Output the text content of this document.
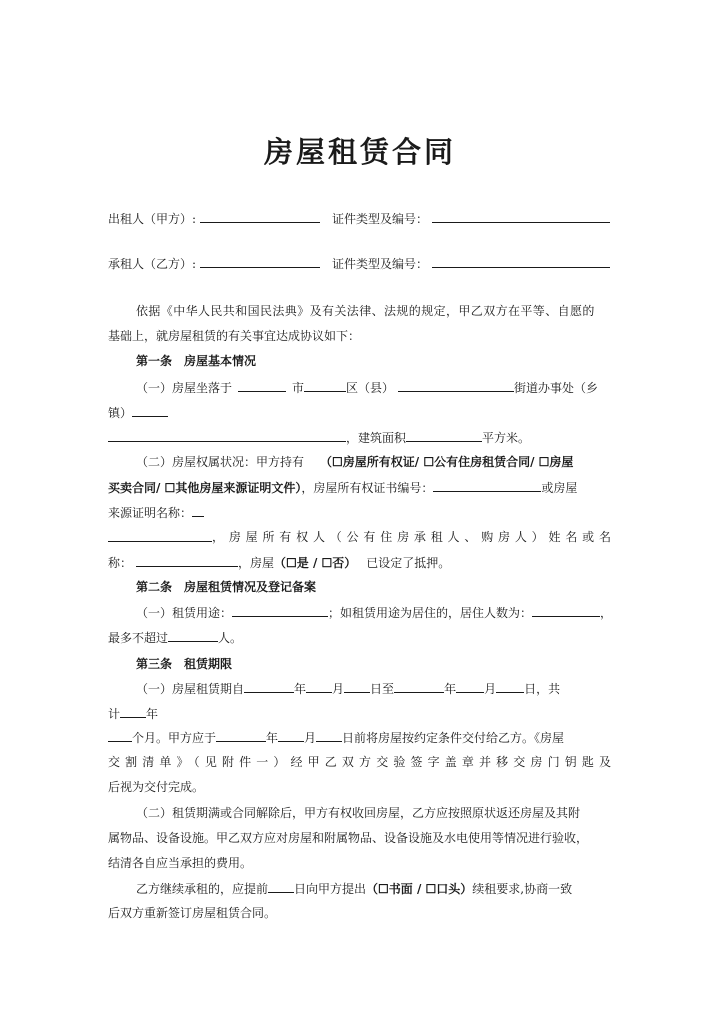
房屋租赁合同
出租人（甲方）:	证件类型及编号：
承租人（乙方）:	证件类型及编号：
依据《中华人民共和国民法典》及有关法律、法规的规定，甲乙双方在平等、自愿的
基础上，就房屋租赁的有关事宜达成协议如下：
第一条　房屋基本情况
（一）房屋坐落于	市	区（县）	街道办事处（乡
镇）
，建筑面积	平方米。
（二）房屋权属状况：甲方持有 （☐房屋所有权证/ ☐公有住房租赁合同/ ☐房屋
买卖合同/ ☐其他房屋来源证明文件），房屋所有权证书编号：	或房屋
来源证明名称：
，房屋所有权人（公有住房承租人、购房人）姓名或名
称：	，房屋（☐是 / ☐否） 已设定了抵押。
第二条　房屋租赁情况及登记备案
（一）租赁用途：	；如租赁用途为居住的，居住人数为：	，
最多不超过	人。
第三条　租赁期限
（一）房屋租赁期自	年 月 日至	年 月 日，共
计 年
个月。甲方应于	年 月 日前将房屋按约定条件交付给乙方。《房屋
交割清单》（见附件一）经甲乙双方交验签字盖章并移交房门钥匙及
后视为交付完成。
（二）租赁期满或合同解除后，甲方有权收回房屋，乙方应按照原状返还房屋及其附
属物品、设备设施。甲乙双方应对房屋和附属物品、设备设施及水电使用等情况进行验收，
结清各自应当承担的费用。
乙方继续承租的，应提前 日向甲方提出（☐书面 / ☐口头）续租要求,协商一致
后双方重新签订房屋租赁合同。
